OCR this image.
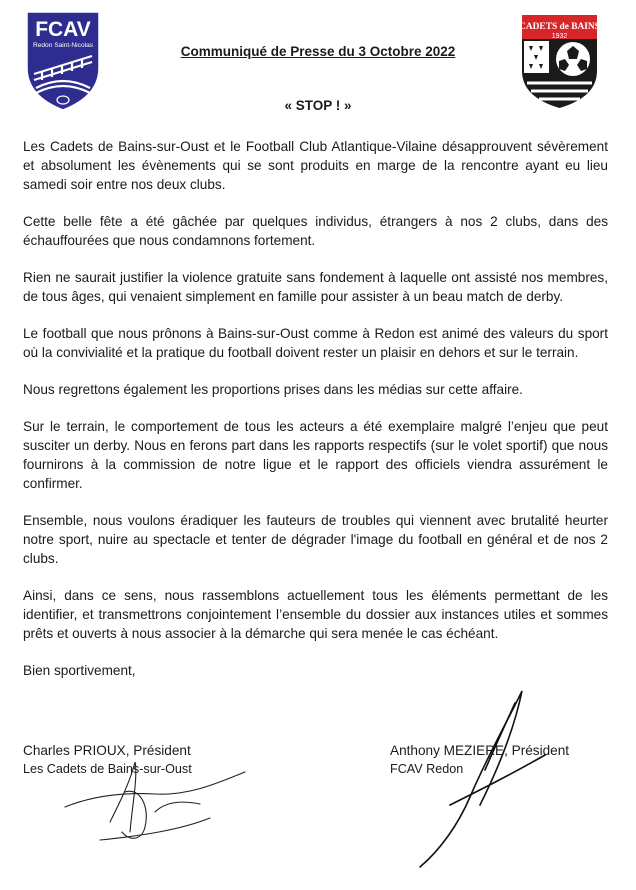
FCAV
Redon Saint-Nicolas
CADETS de BAINS
1932
Communiqué de Presse du 3 Octobre 2022
« STOP ! »

Les Cadets de Bains-sur-Oust et le Football Club Atlantique-Vilaine désapprouvent sévèrement et absolument les évènements qui se sont produits en marge de la rencontre ayant eu lieu samedi soir entre nos deux clubs.

Cette belle fête a été gâchée par quelques individus, étrangers à nos 2 clubs, dans des échauffourées que nous condamnons fortement.

Rien ne saurait justifier la violence gratuite sans fondement à laquelle ont assisté nos membres, de tous âges, qui venaient simplement en famille pour assister à un beau match de derby.

Le football que nous prônons à Bains-sur-Oust comme à Redon est animé des valeurs du sport où la convivialité et la pratique du football doivent rester un plaisir en dehors et sur le terrain.

Nous regrettons également les proportions prises dans les médias sur cette affaire.

Sur le terrain, le comportement de tous les acteurs a été exemplaire malgré l’enjeu que peut susciter un derby. Nous en ferons part dans les rapports respectifs (sur le volet sportif) que nous fournirons à la commission de notre ligue et le rapport des officiels viendra assurément le confirmer.

Ensemble, nous voulons éradiquer les fauteurs de troubles qui viennent avec brutalité heurter notre sport, nuire au spectacle et tenter de dégrader l'image du football en général et de nos 2 clubs.

Ainsi, dans ce sens, nous rassemblons actuellement tous les éléments permettant de les identifier, et transmettrons conjointement l’ensemble du dossier aux instances utiles et sommes prêts et ouverts à nous associer à la démarche qui sera menée le cas échéant.

Bien sportivement,

Charles PRIOUX, Président
Les Cadets de Bains-sur-Oust
Anthony MEZIERE, Président
FCAV Redon
